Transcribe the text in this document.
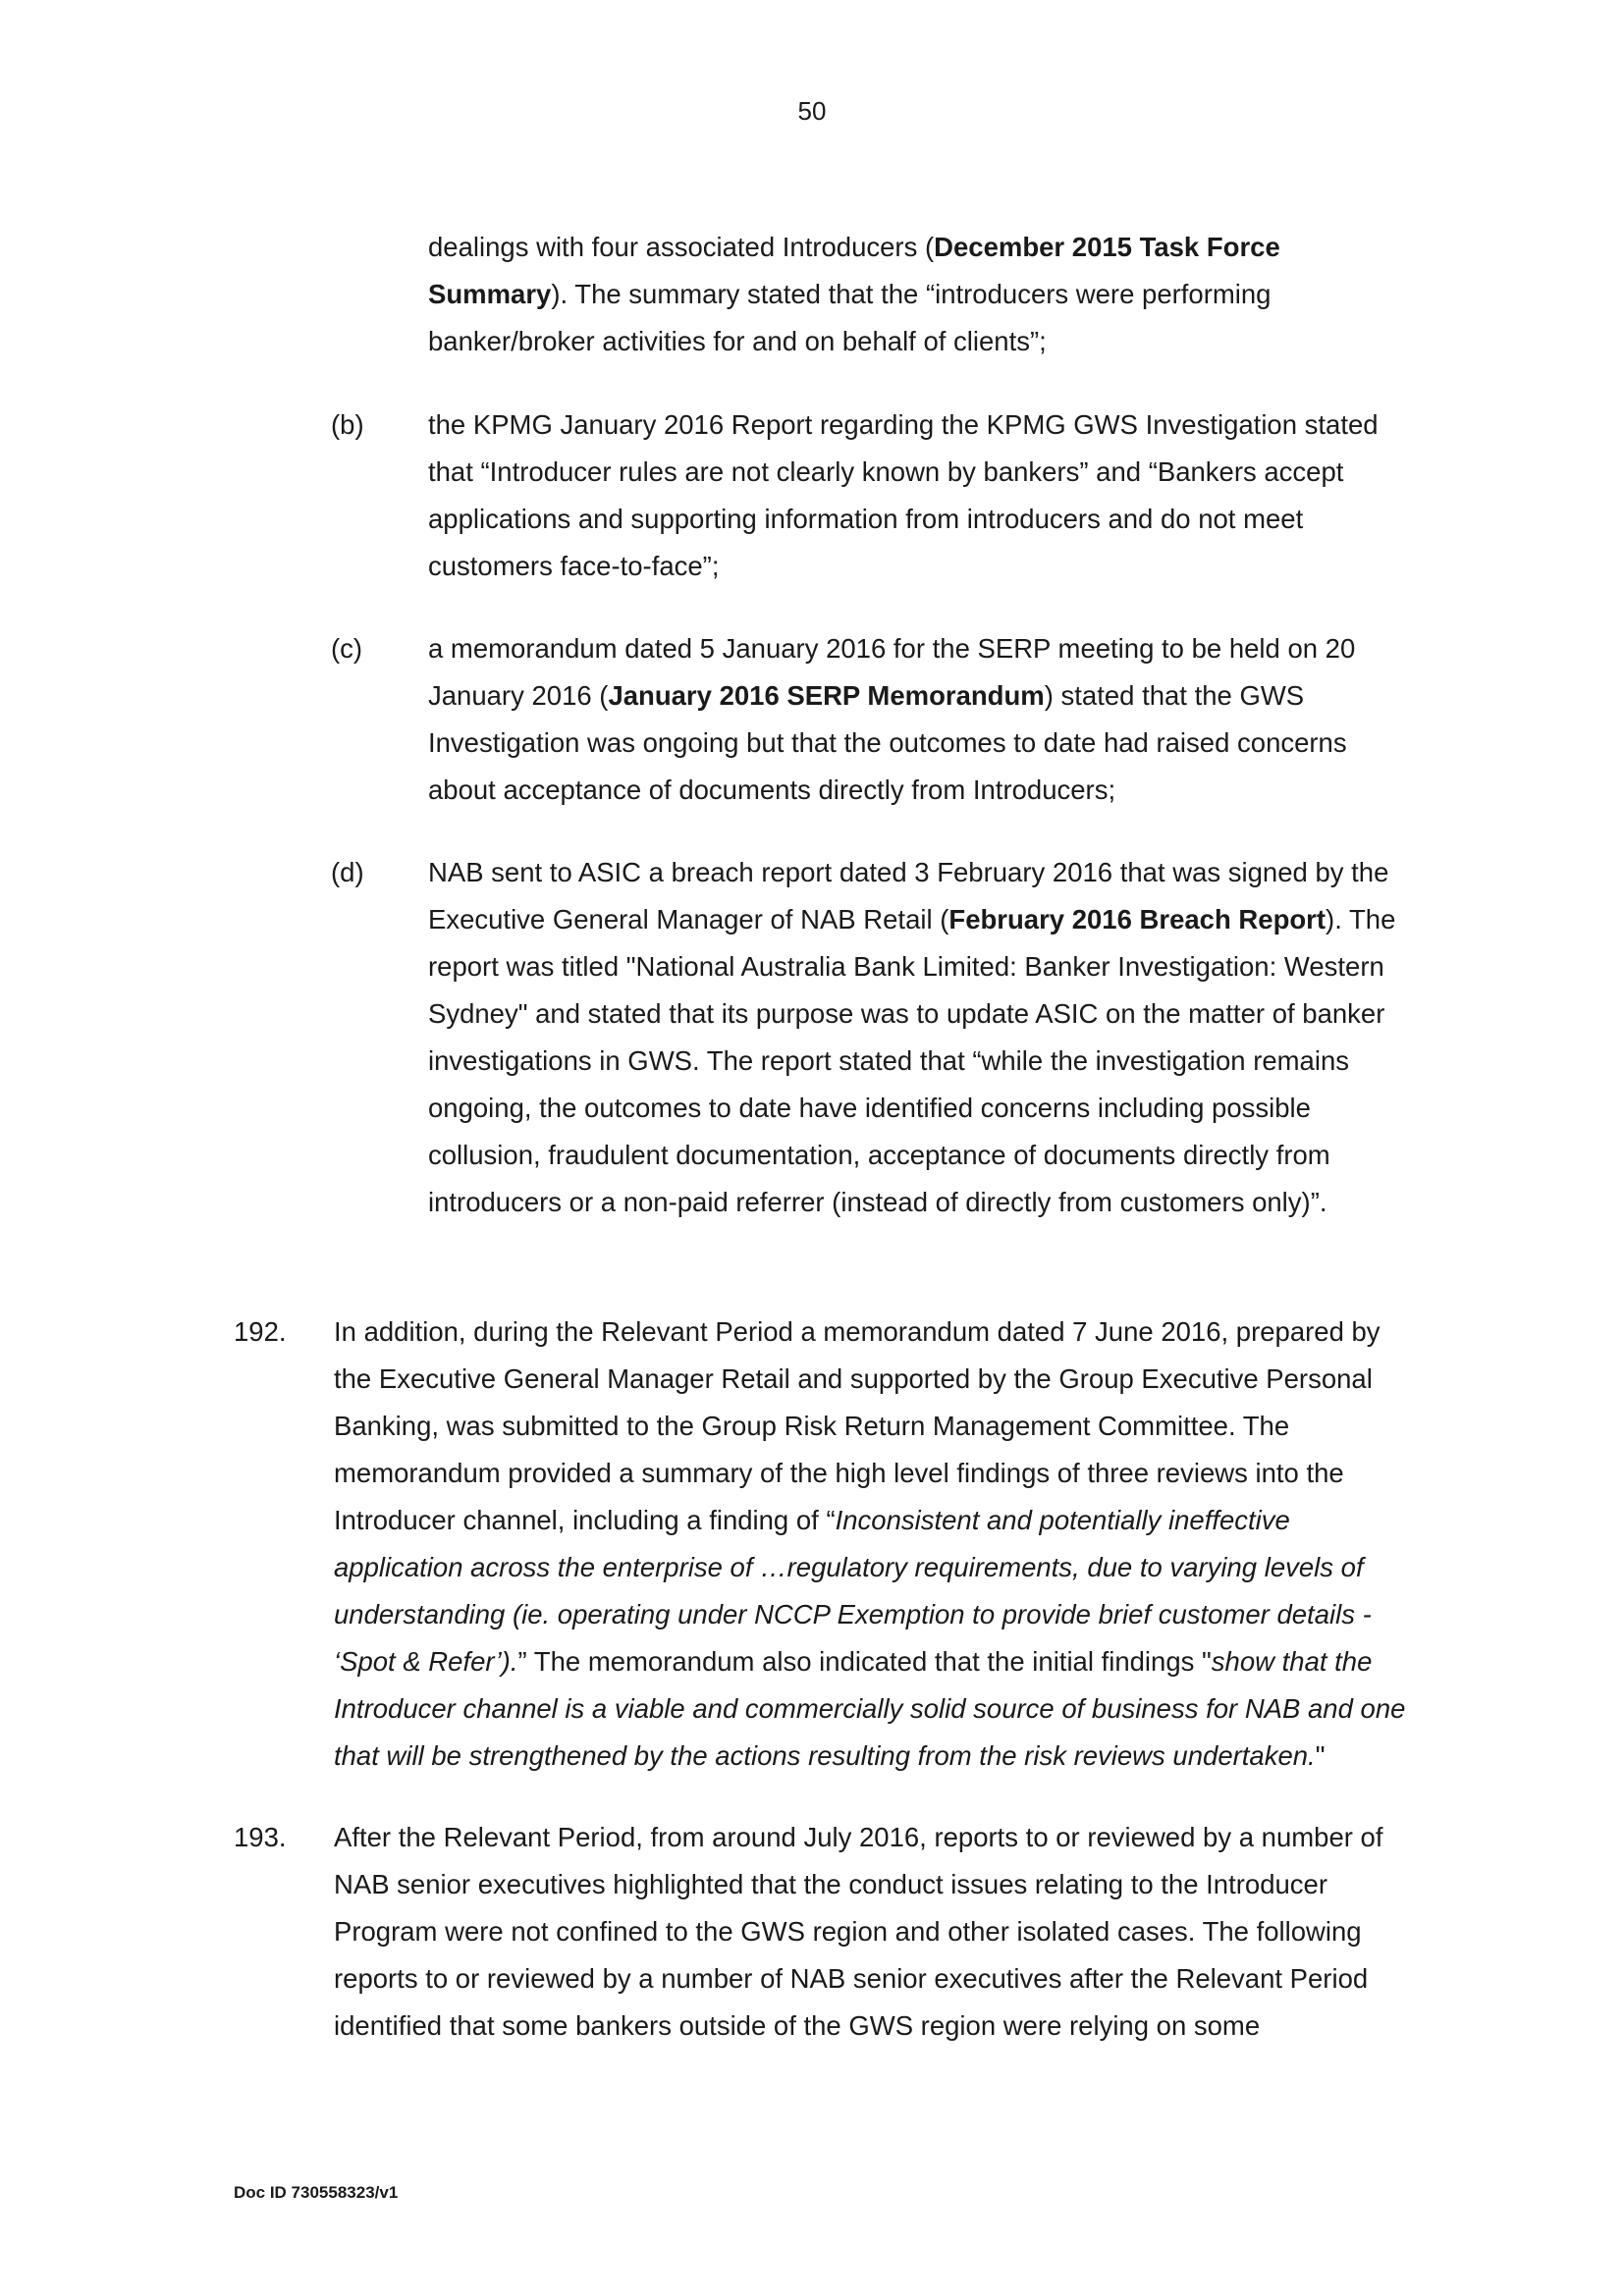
50
dealings with four associated Introducers (December 2015 Task Force Summary). The summary stated that the “introducers were performing banker/broker activities for and on behalf of clients”;
(b) the KPMG January 2016 Report regarding the KPMG GWS Investigation stated that “Introducer rules are not clearly known by bankers” and “Bankers accept applications and supporting information from introducers and do not meet customers face-to-face”;
(c) a memorandum dated 5 January 2016 for the SERP meeting to be held on 20 January 2016 (January 2016 SERP Memorandum) stated that the GWS Investigation was ongoing but that the outcomes to date had raised concerns about acceptance of documents directly from Introducers;
(d) NAB sent to ASIC a breach report dated 3 February 2016 that was signed by the Executive General Manager of NAB Retail (February 2016 Breach Report). The report was titled "National Australia Bank Limited: Banker Investigation: Western Sydney" and stated that its purpose was to update ASIC on the matter of banker investigations in GWS. The report stated that “while the investigation remains ongoing, the outcomes to date have identified concerns including possible collusion, fraudulent documentation, acceptance of documents directly from introducers or a non-paid referrer (instead of directly from customers only)”.
192. In addition, during the Relevant Period a memorandum dated 7 June 2016, prepared by the Executive General Manager Retail and supported by the Group Executive Personal Banking, was submitted to the Group Risk Return Management Committee. The memorandum provided a summary of the high level findings of three reviews into the Introducer channel, including a finding of “Inconsistent and potentially ineffective application across the enterprise of …regulatory requirements, due to varying levels of understanding (ie. operating under NCCP Exemption to provide brief customer details - ‘Spot & Refer’).” The memorandum also indicated that the initial findings "show that the Introducer channel is a viable and commercially solid source of business for NAB and one that will be strengthened by the actions resulting from the risk reviews undertaken."
193. After the Relevant Period, from around July 2016, reports to or reviewed by a number of NAB senior executives highlighted that the conduct issues relating to the Introducer Program were not confined to the GWS region and other isolated cases. The following reports to or reviewed by a number of NAB senior executives after the Relevant Period identified that some bankers outside of the GWS region were relying on some
Doc ID 730558323/v1
